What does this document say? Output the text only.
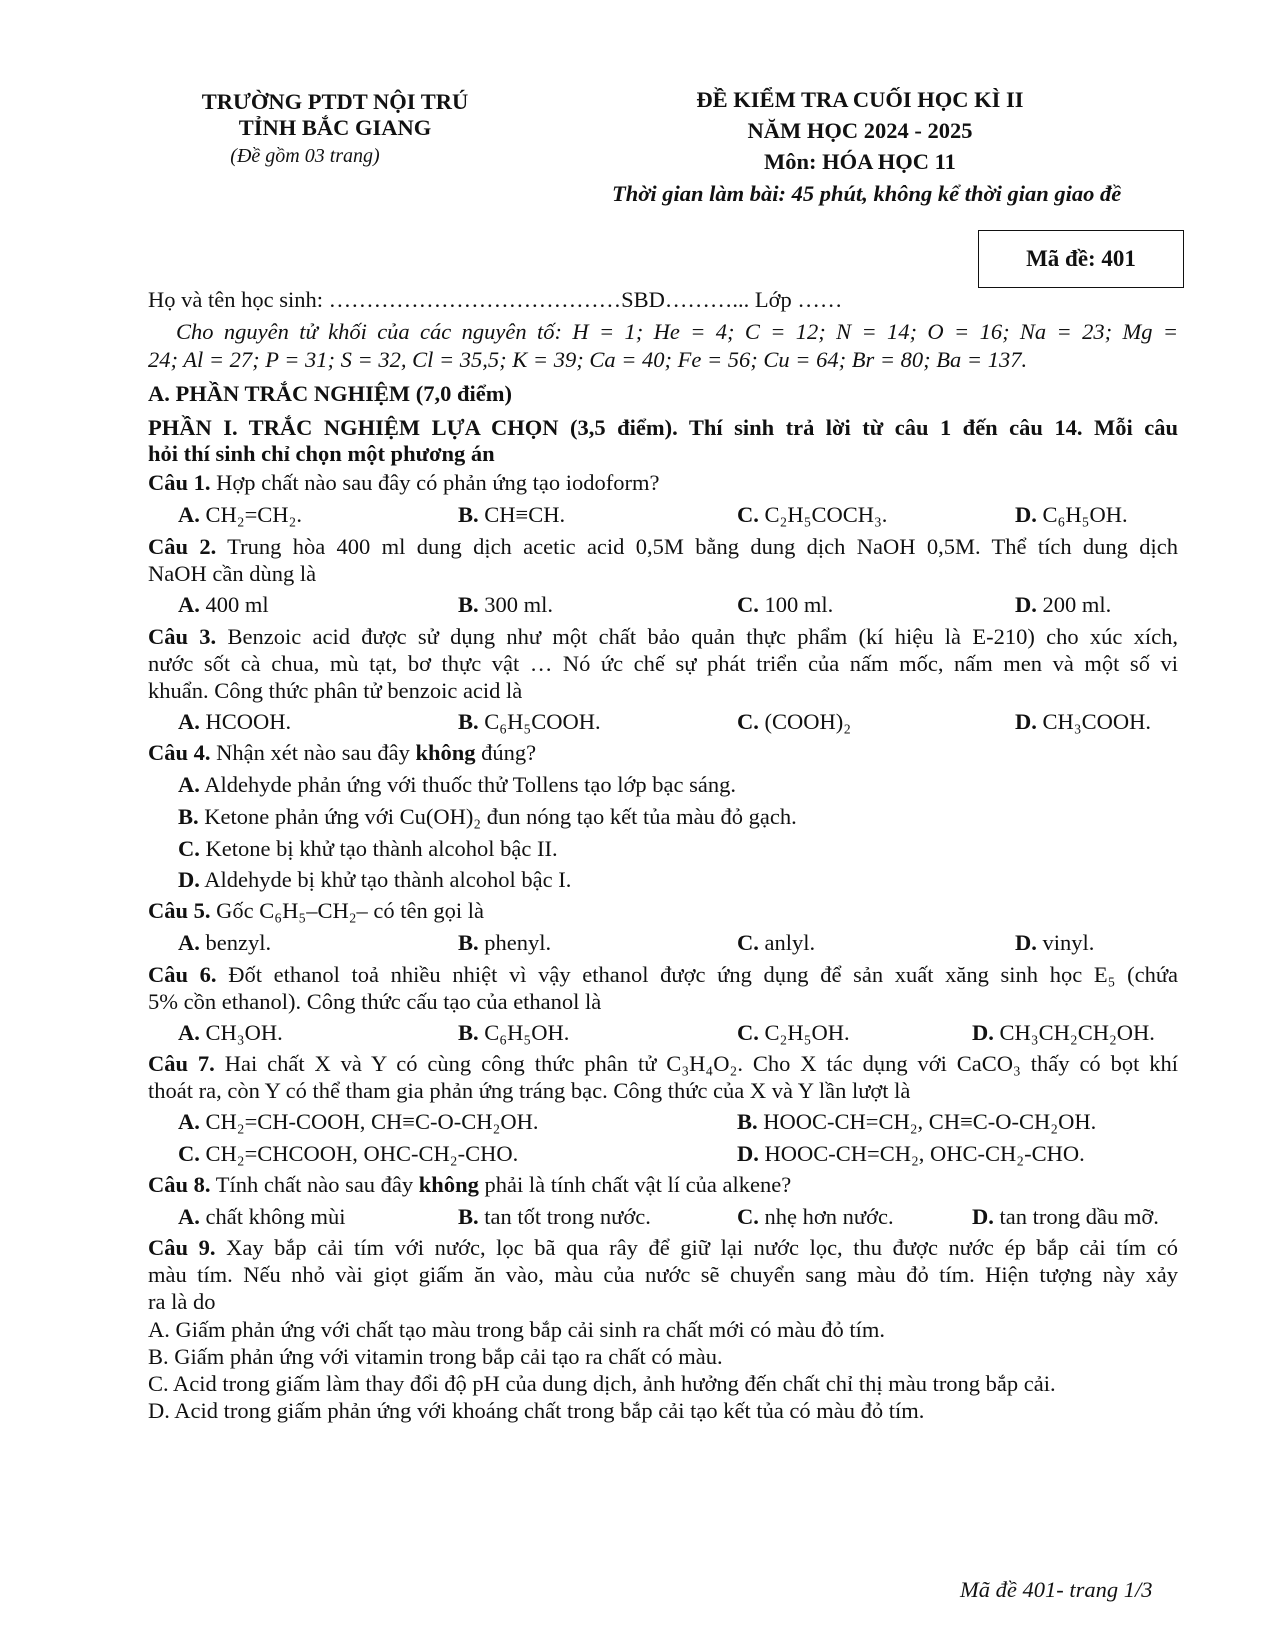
TRƯỜNG PTDT NỘI TRÚ
TỈNH BẮC GIANG
(Đề gồm 03 trang)
ĐỀ KIỂM TRA CUỐI HỌC KÌ II
NĂM HỌC 2024 - 2025
Môn: HÓA HỌC 11
Thời gian làm bài: 45 phút, không kể thời gian giao đề
Mã đề: 401
Họ và tên học sinh: …………………………………SBD………... Lớp ……
Cho nguyên tử khối của các nguyên tố: H = 1; He = 4; C = 12; N = 14; O = 16; Na = 23; Mg =
24; Al = 27; P = 31; S = 32, Cl = 35,5; K = 39; Ca = 40; Fe = 56; Cu = 64; Br = 80; Ba = 137.
A. PHẦN TRẮC NGHIỆM (7,0 điểm)
PHẦN I. TRẮC NGHIỆM LỰA CHỌN (3,5 điểm). Thí sinh trả lời từ câu 1 đến câu 14. Mỗi câu
hỏi thí sinh chỉ chọn một phương án
Câu 1. Hợp chất nào sau đây có phản ứng tạo iodoform?
A. CH₂=CH₂.	B. CH≡CH.	C. C₂H₅COCH₃.	D. C₆H₅OH.
Câu 2. Trung hòa 400 ml dung dịch acetic acid 0,5M bằng dung dịch NaOH 0,5M. Thể tích dung dịch
NaOH cần dùng là
A. 400 ml	B. 300 ml.	C. 100 ml.	D. 200 ml.
Câu 3. Benzoic acid được sử dụng như một chất bảo quản thực phẩm (kí hiệu là E-210) cho xúc xích,
nước sốt cà chua, mù tạt, bơ thực vật … Nó ức chế sự phát triển của nấm mốc, nấm men và một số vi
khuẩn. Công thức phân tử benzoic acid là
A. HCOOH.	B. C₆H₅COOH.	C. (COOH)₂	D. CH₃COOH.
Câu 4. Nhận xét nào sau đây không đúng?
A. Aldehyde phản ứng với thuốc thử Tollens tạo lớp bạc sáng.
B. Ketone phản ứng với Cu(OH)₂ đun nóng tạo kết tủa màu đỏ gạch.
C. Ketone bị khử tạo thành alcohol bậc II.
D. Aldehyde bị khử tạo thành alcohol bậc I.
Câu 5. Gốc C₆H₅–CH₂– có tên gọi là
A. benzyl.	B. phenyl.	C. anlyl.	D. vinyl.
Câu 6. Đốt ethanol toả nhiều nhiệt vì vậy ethanol được ứng dụng để sản xuất xăng sinh học E₅ (chứa
5% cồn ethanol). Công thức cấu tạo của ethanol là
A. CH₃OH.	B. C₆H₅OH.	C. C₂H₅OH.	D. CH₃CH₂CH₂OH.
Câu 7. Hai chất X và Y có cùng công thức phân tử C₃H₄O₂. Cho X tác dụng với CaCO₃ thấy có bọt khí
thoát ra, còn Y có thể tham gia phản ứng tráng bạc. Công thức của X và Y lần lượt là
A. CH₂=CH-COOH, CH≡C-O-CH₂OH.	B. HOOC-CH=CH₂, CH≡C-O-CH₂OH.
C. CH₂=CHCOOH, OHC-CH₂-CHO.	D. HOOC-CH=CH₂, OHC-CH₂-CHO.
Câu 8. Tính chất nào sau đây không phải là tính chất vật lí của alkene?
A. chất không mùi	B. tan tốt trong nước.	C. nhẹ hơn nước.	D. tan trong dầu mỡ.
Câu 9. Xay bắp cải tím với nước, lọc bã qua rây để giữ lại nước lọc, thu được nước ép bắp cải tím có
màu tím. Nếu nhỏ vài giọt giấm ăn vào, màu của nước sẽ chuyển sang màu đỏ tím. Hiện tượng này xảy
ra là do
A. Giấm phản ứng với chất tạo màu trong bắp cải sinh ra chất mới có màu đỏ tím.
B. Giấm phản ứng với vitamin trong bắp cải tạo ra chất có màu.
C. Acid trong giấm làm thay đổi độ pH của dung dịch, ảnh hưởng đến chất chỉ thị màu trong bắp cải.
D. Acid trong giấm phản ứng với khoáng chất trong bắp cải tạo kết tủa có màu đỏ tím.
Mã đề 401- trang 1/3
